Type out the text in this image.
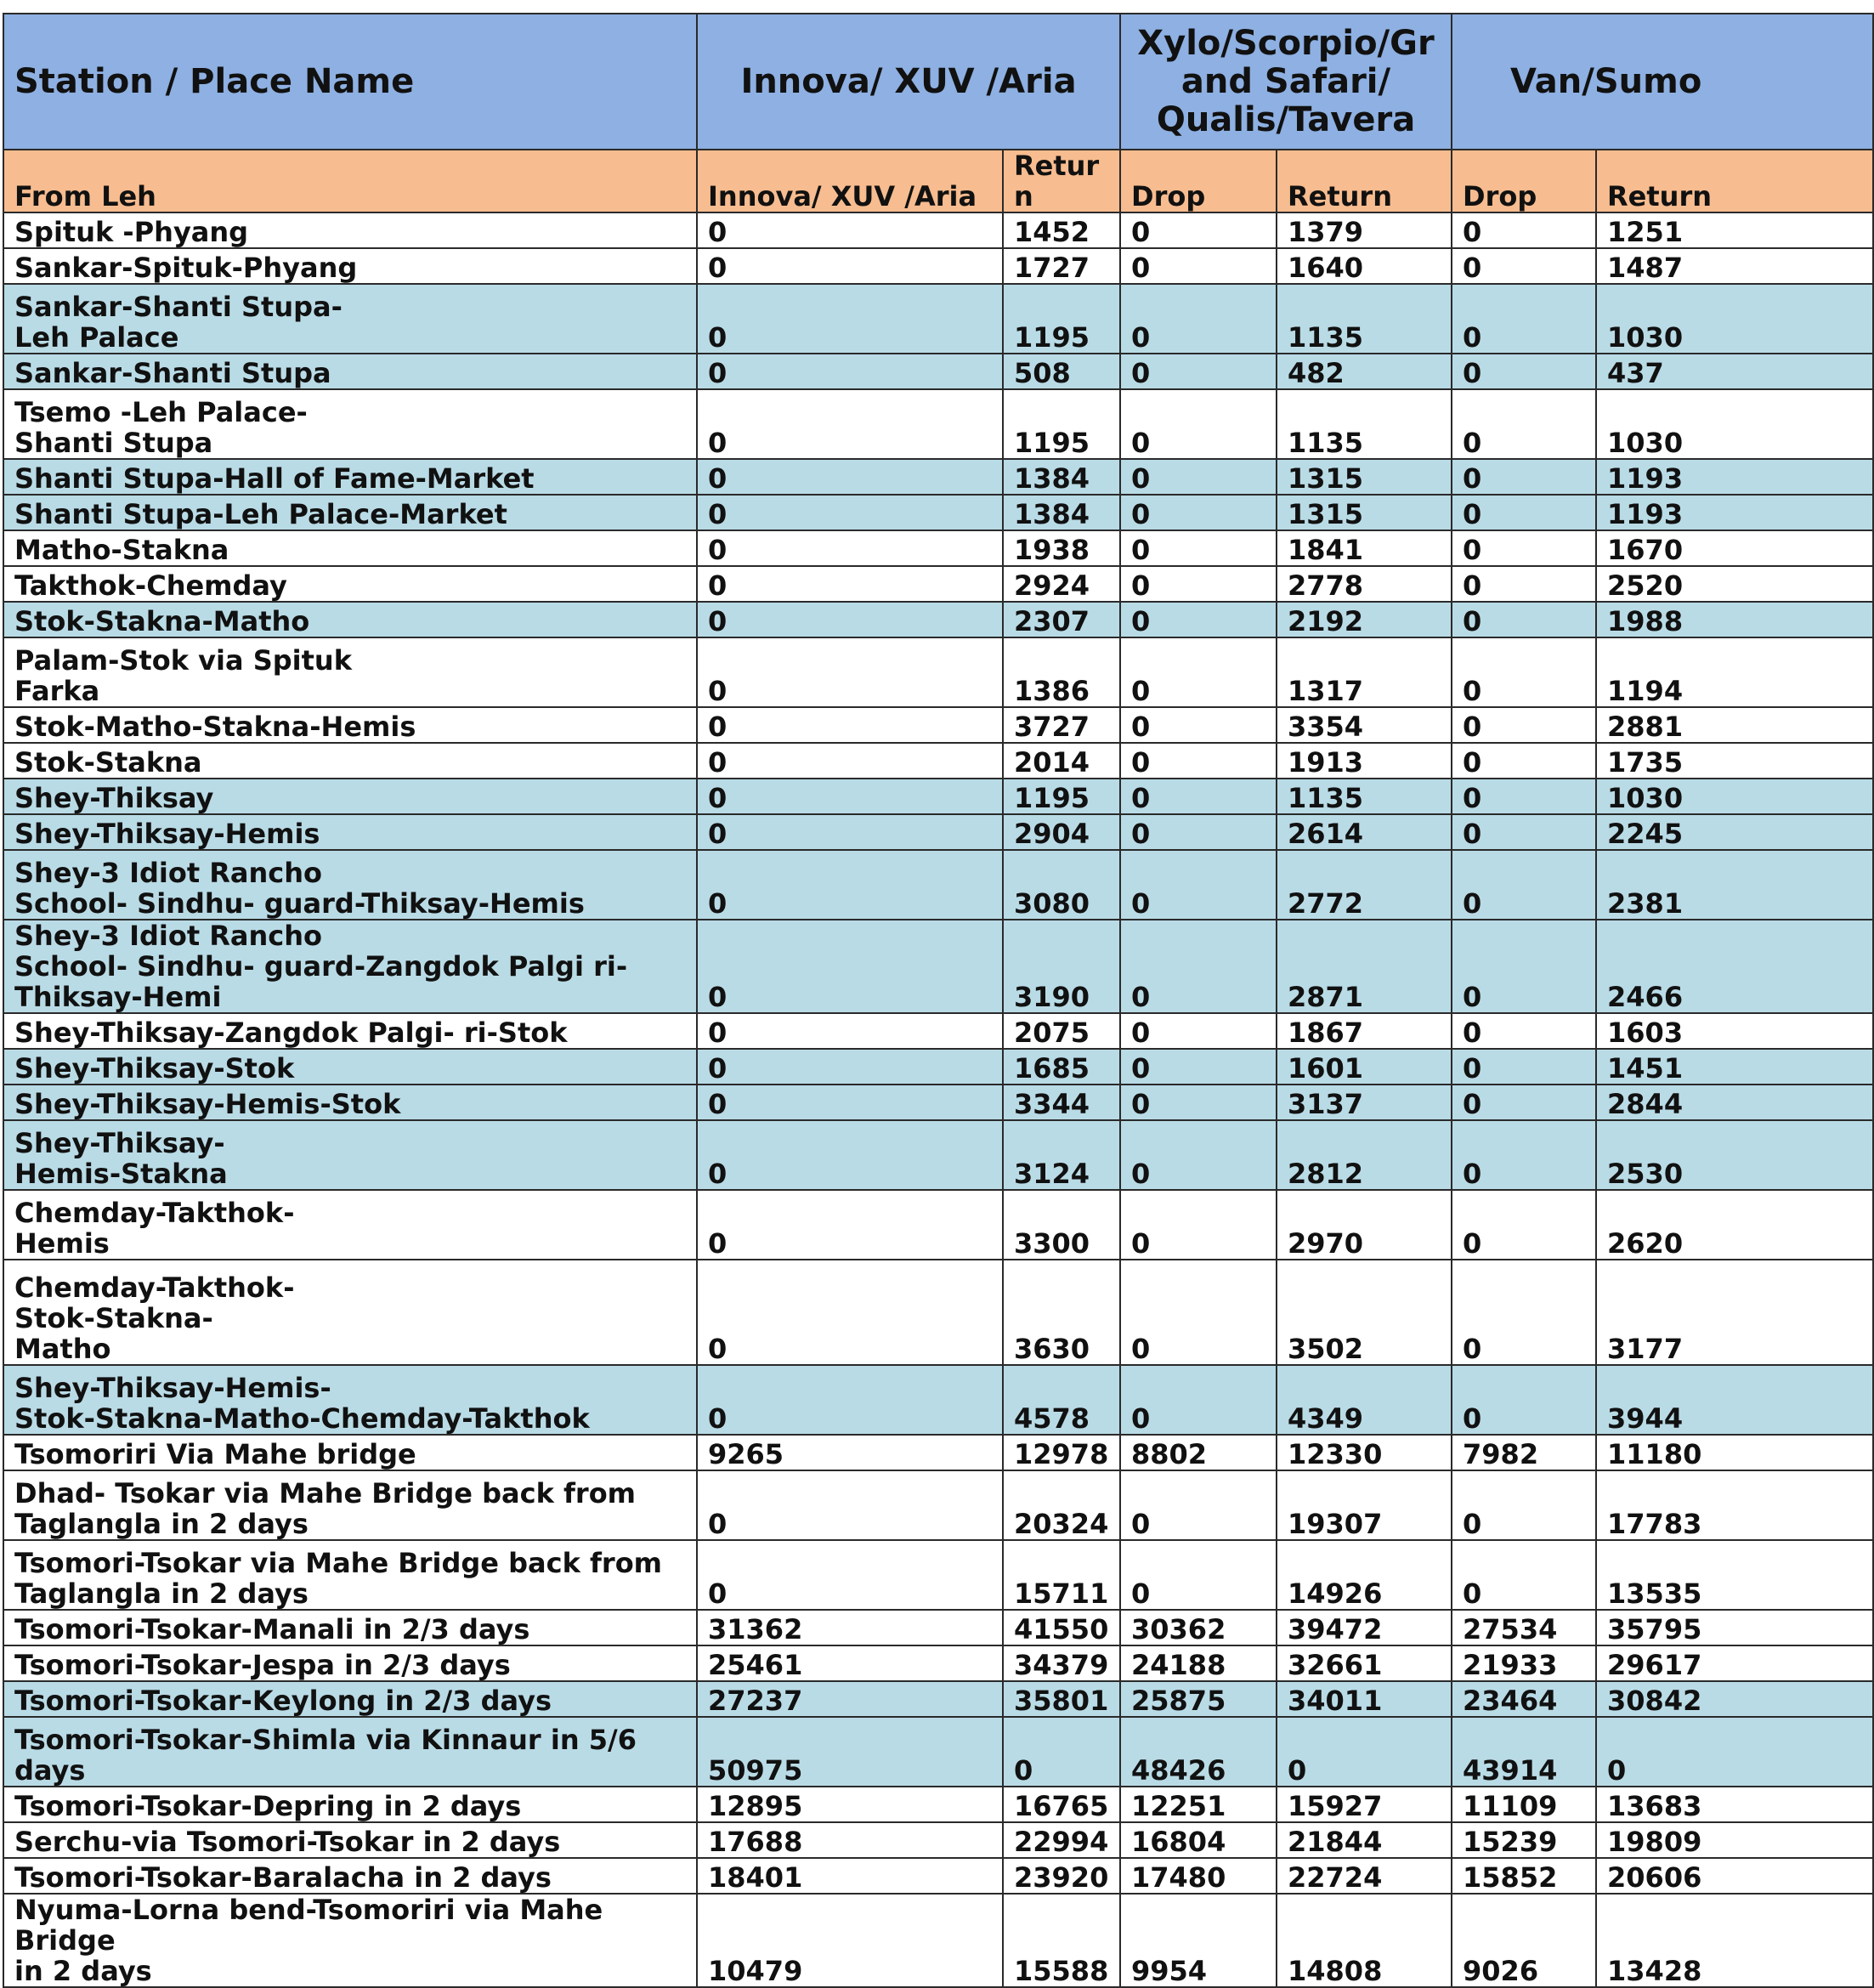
Station / Place Name	Innova/ XUV /Aria		Xylo/Scorpio/Gr and Safari/ Qualis/Tavera		Van/Sumo	
From Leh	Innova/ XUV /Aria	Retur n	Drop	Return	Drop	Return
Spituk -Phyang	0	1452	0	1379	0	1251
Sankar-Spituk-Phyang	0	1727	0	1640	0	1487
Sankar-Shanti Stupa-
Leh Palace	0	1195	0	1135	0	1030
Sankar-Shanti Stupa	0	508	0	482	0	437
Tsemo -Leh Palace-
Shanti Stupa	0	1195	0	1135	0	1030
Shanti Stupa-Hall of Fame-Market	0	1384	0	1315	0	1193
Shanti Stupa-Leh Palace-Market	0	1384	0	1315	0	1193
Matho-Stakna	0	1938	0	1841	0	1670
Takthok-Chemday	0	2924	0	2778	0	2520
Stok-Stakna-Matho	0	2307	0	2192	0	1988
Palam-Stok via Spituk
Farka	0	1386	0	1317	0	1194
Stok-Matho-Stakna-Hemis	0	3727	0	3354	0	2881
Stok-Stakna	0	2014	0	1913	0	1735
Shey-Thiksay	0	1195	0	1135	0	1030
Shey-Thiksay-Hemis	0	2904	0	2614	0	2245
Shey-3 Idiot Rancho
School- Sindhu- guard-Thiksay-Hemis	0	3080	0	2772	0	2381
Shey-3 Idiot Rancho
School- Sindhu- guard-Zangdok Palgi ri-
Thiksay-Hemi	0	3190	0	2871	0	2466
Shey-Thiksay-Zangdok Palgi- ri-Stok	0	2075	0	1867	0	1603
Shey-Thiksay-Stok	0	1685	0	1601	0	1451
Shey-Thiksay-Hemis-Stok	0	3344	0	3137	0	2844
Shey-Thiksay-
Hemis-Stakna	0	3124	0	2812	0	2530
Chemday-Takthok-
Hemis	0	3300	0	2970	0	2620
Chemday-Takthok-
Stok-Stakna-
Matho	0	3630	0	3502	0	3177
Shey-Thiksay-Hemis-
Stok-Stakna-Matho-Chemday-Takthok	0	4578	0	4349	0	3944
Tsomoriri Via Mahe bridge	9265	12978	8802	12330	7982	11180
Dhad- Tsokar via Mahe Bridge back from
Taglangla in 2 days	0	20324	0	19307	0	17783
Tsomori-Tsokar via Mahe Bridge back from
Taglangla in 2 days	0	15711	0	14926	0	13535
Tsomori-Tsokar-Manali in 2/3 days	31362	41550	30362	39472	27534	35795
Tsomori-Tsokar-Jespa in 2/3 days	25461	34379	24188	32661	21933	29617
Tsomori-Tsokar-Keylong in 2/3 days	27237	35801	25875	34011	23464	30842
Tsomori-Tsokar-Shimla via Kinnaur in 5/6
days	50975	0	48426	0	43914	0
Tsomori-Tsokar-Depring in 2 days	12895	16765	12251	15927	11109	13683
Serchu-via Tsomori-Tsokar in 2 days	17688	22994	16804	21844	15239	19809
Tsomori-Tsokar-Baralacha in 2 days	18401	23920	17480	22724	15852	20606
Nyuma-Lorna bend-Tsomoriri via Mahe Bridge
in 2 days	10479	15588	9954	14808	9026	13428
